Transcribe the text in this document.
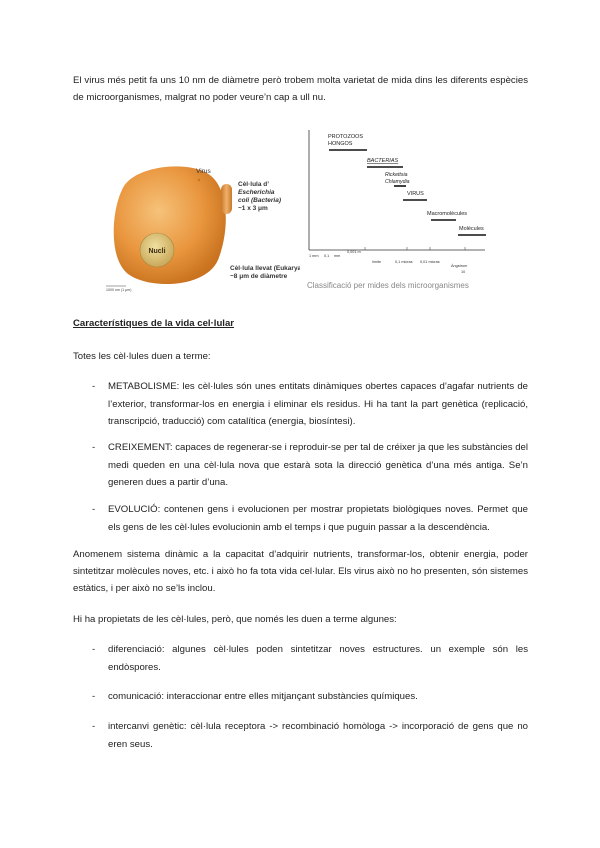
El virus més petit fa uns 10 nm de diàmetre però trobem molta varietat de mida dins les diferents espècies de microorganismes, malgrat no poder veure’n cap a ull nu.
Nucli
Virus
Cèl·lula d’
Escherichia
coli (Bacteria)
~1 x 3 μm
Cèl·lula llevat (Eukarya)
~8 μm de diàmetre
1000 nm (1 μm)
PROTOZOOS
HONGOS
BACTERIAS
Rickettsia
Chlamydia
VIRUS
Macromolècules
Molècules
1 mm 0,1 mm
0,001 m
límite	0,1 micras 0,01 micras
Ángstrom
10
Classificació per mides dels microorganismes
Característiques de la vida cel·lular
Totes les cèl·lules duen a terme:
- METABOLISME: les cèl·lules són unes entitats dinàmiques obertes capaces d’agafar nutrients de l’exterior, transformar-los en energia i eliminar els residus. Hi ha tant la part genètica (replicació, transcripció, traducció) com catalítica (energia, biosíntesi).
- CREIXEMENT: capaces de regenerar-se i reproduir-se per tal de créixer ja que les substàncies del medi queden en una cèl·lula nova que estarà sota la direcció genètica d’una més antiga. Se’n generen dues a partir d’una.
- EVOLUCIÓ: contenen gens i evolucionen per mostrar propietats biològiques noves. Permet que els gens de les cèl·lules evolucionin amb el temps i que puguin passar a la descendència.
Anomenem sistema dinàmic a la capacitat d’adquirir nutrients, transformar-los, obtenir energia, poder sintetitzar molècules noves, etc. i això ho fa tota vida cel·lular. Els virus això no ho presenten, són sistemes estàtics, i per això no se’ls inclou.
Hi ha propietats de les cèl·lules, però, que només les duen a terme algunes:
- diferenciació: algunes cèl·lules poden sintetitzar noves estructures. un exemple són les endòspores.
- comunicació: interaccionar entre elles mitjançant substàncies químiques.
- intercanvi genètic: cèl·lula receptora -> recombinació homòloga -> incorporació de gens que no eren seus.
